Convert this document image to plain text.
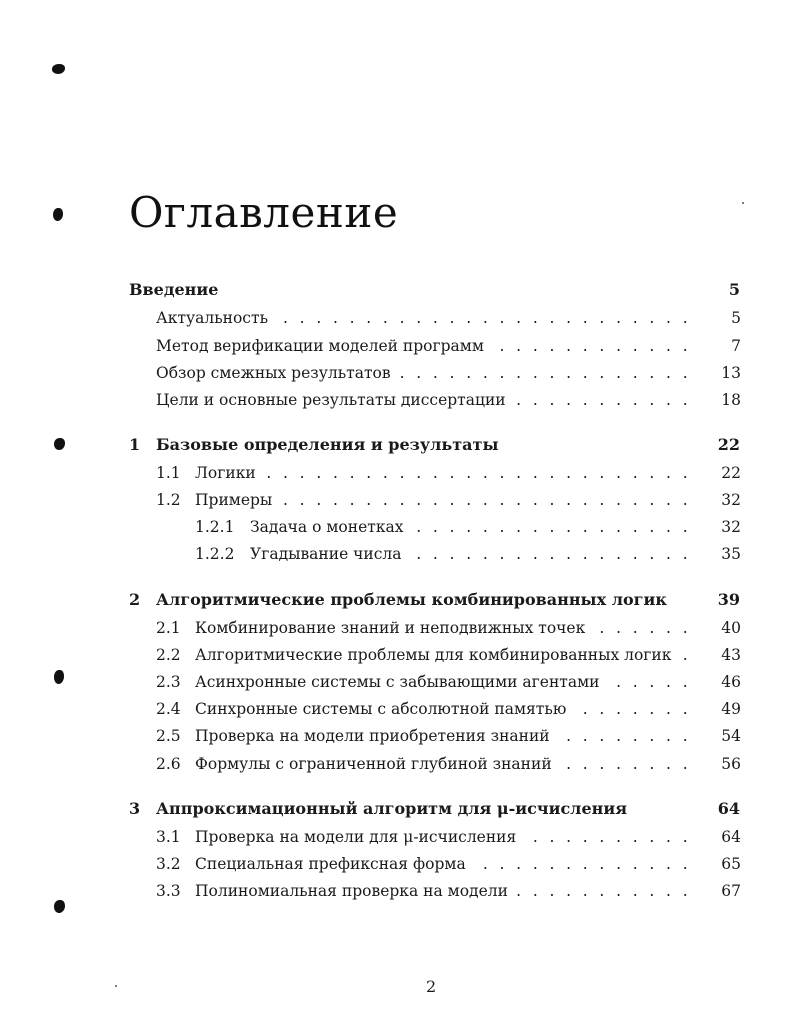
Оглавление
Введение	5
Актуальность . . .	5
Метод верификации моделей программ . . .	7
Обзор смежных результатов . . .	13
Цели и основные результаты диссертации . . .	18
1 Базовые определения и результаты	22
1.1 Логики . . .	22
1.2 Примеры . . .	32
1.2.1 Задача о монетках . . .	32
1.2.2 Угадывание числа . . .	35
2 Алгоритмические проблемы комбинированных логик	39
2.1 Комбинирование знаний и неподвижных точек . . .	40
2.2 Алгоритмические проблемы для комбинированных логик . . .	43
2.3 Асинхронные системы с забывающими агентами . . .	46
2.4 Синхронные системы с абсолютной памятью . . .	49
2.5 Проверка на модели приобретения знаний . . .	54
2.6 Формулы с ограниченной глубиной знаний . . .	56
3 Аппроксимационный алгоритм для μ-исчисления	64
3.1 Проверка на модели для μ-исчисления . . .	64
3.2 Специальная префиксная форма . . .	65
3.3 Полиномиальная проверка на модели . . .	67
2
